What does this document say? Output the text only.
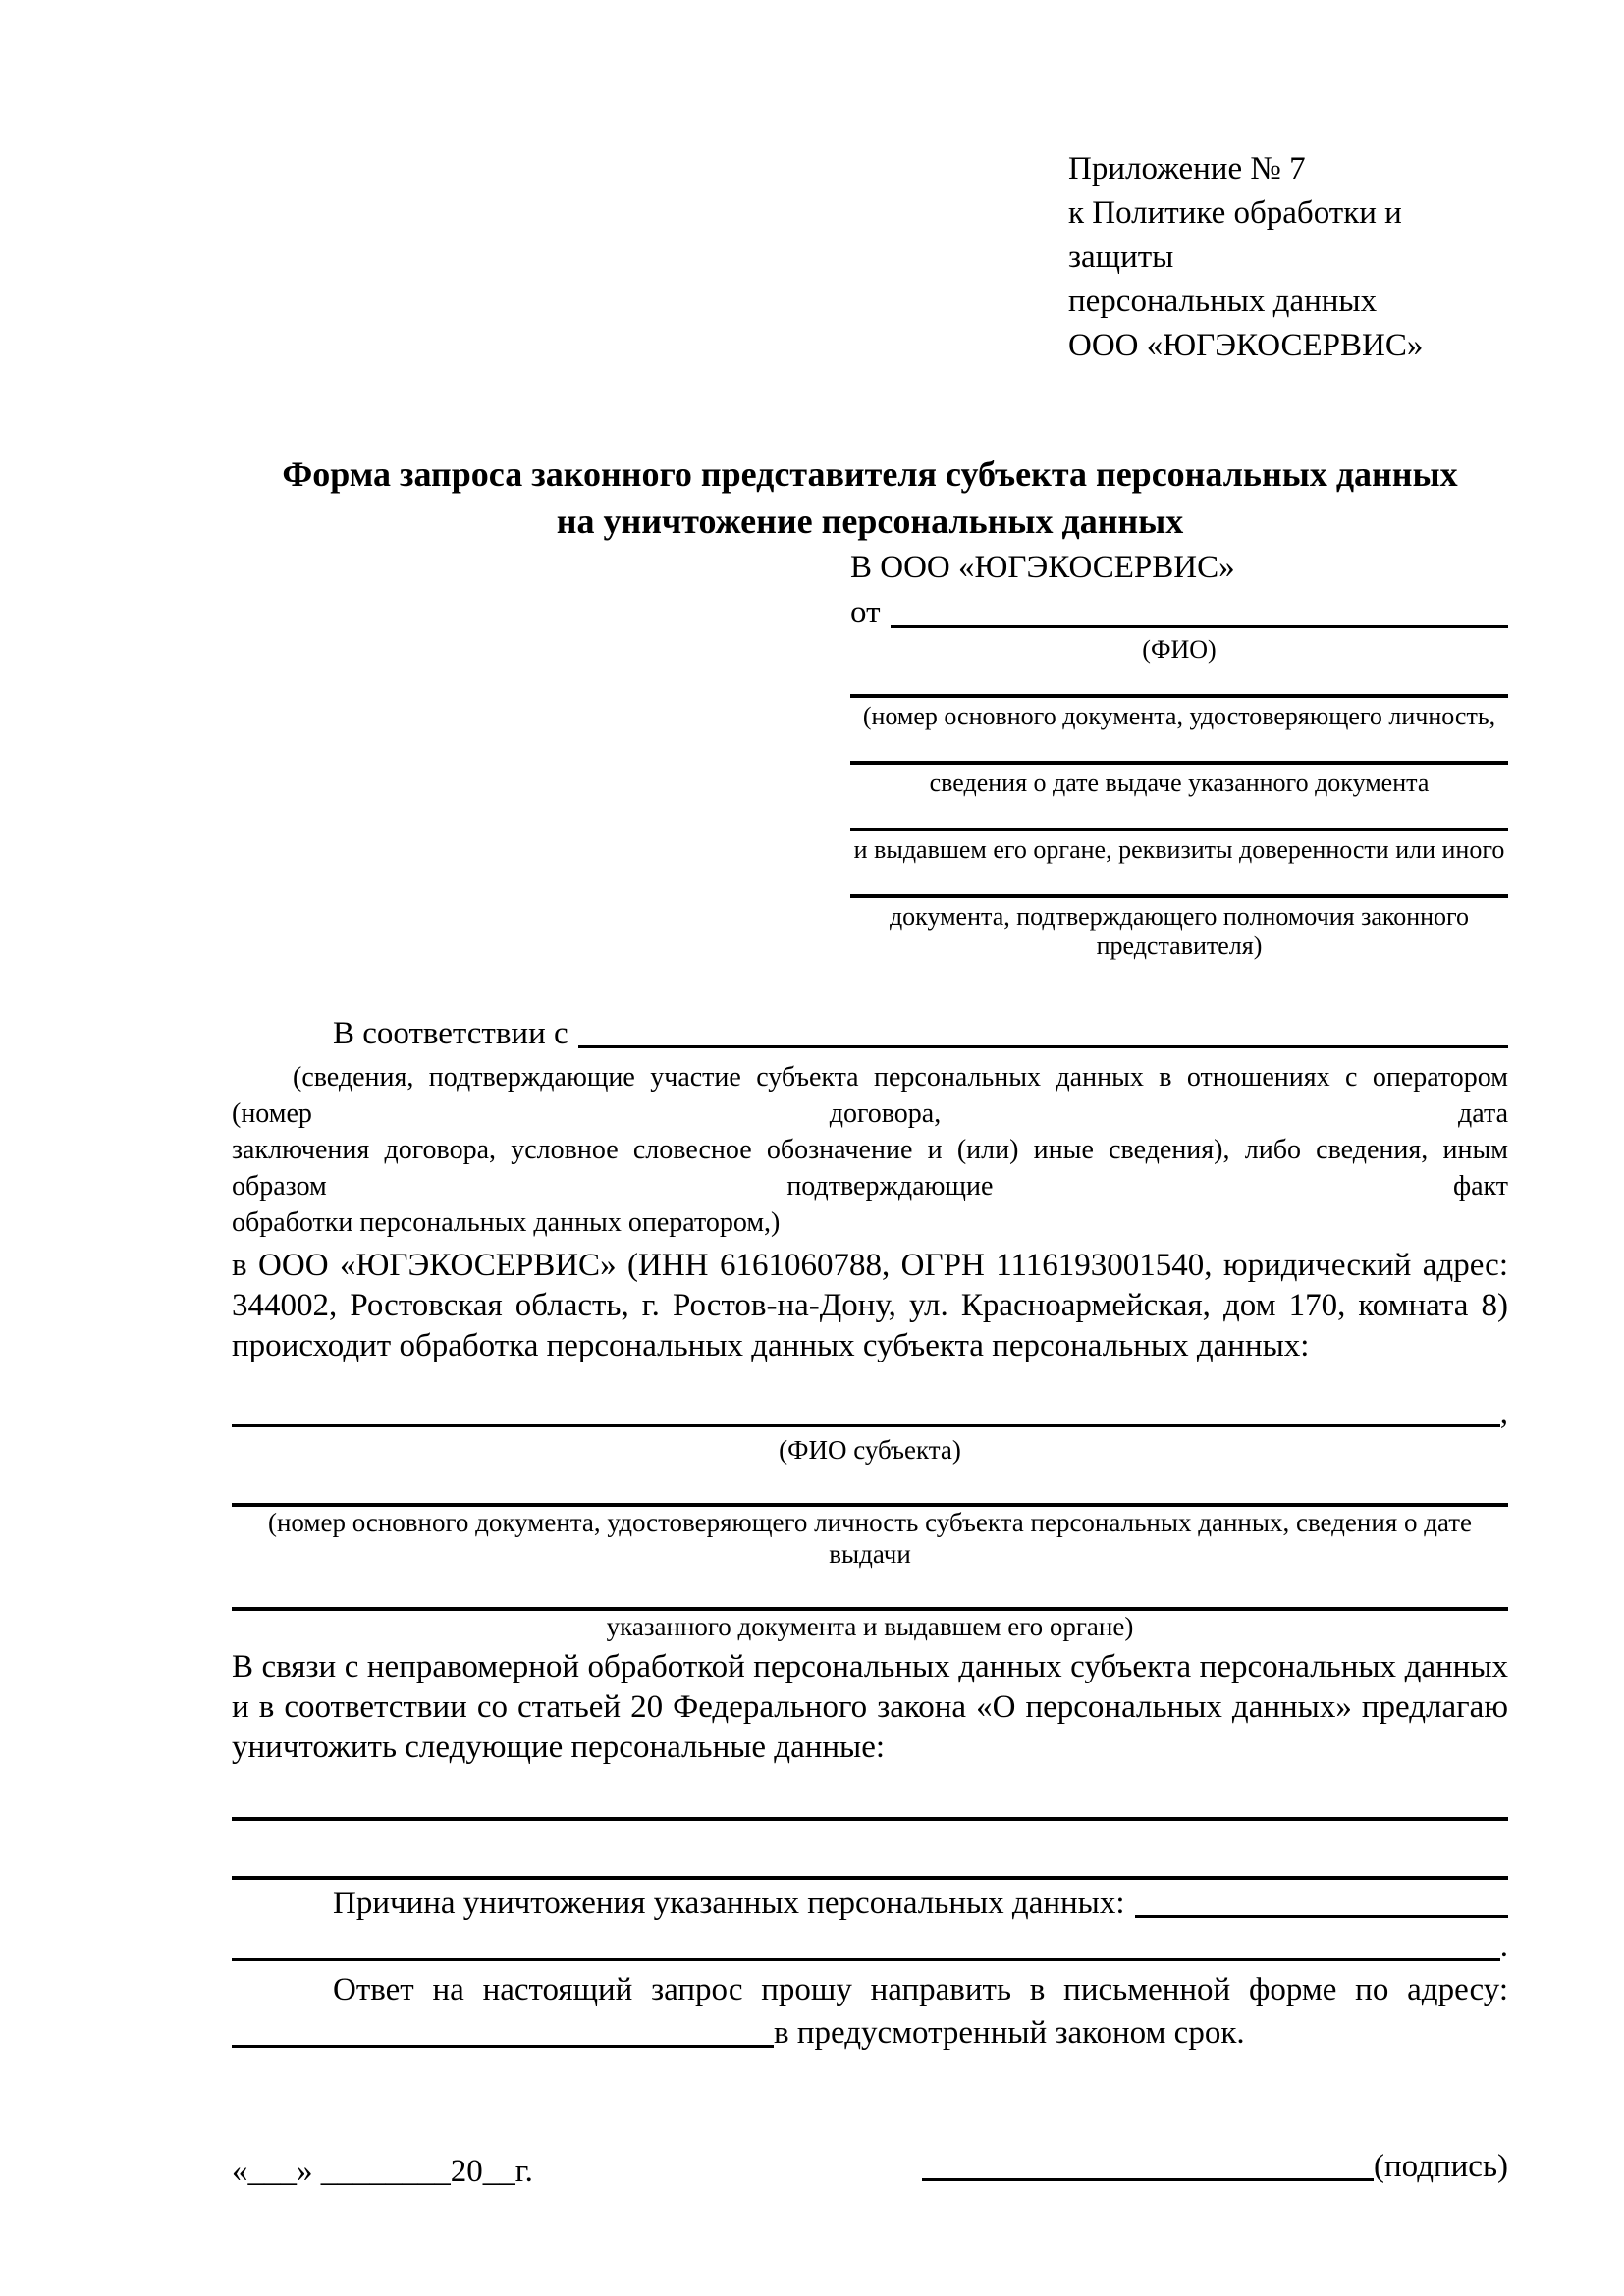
Приложение № 7
к Политике обработки и защиты
персональных данных
ООО «ЮГЭКОСЕРВИС»
Форма запроса законного представителя субъекта персональных данных
на уничтожение персональных данных
В ООО «ЮГЭКОСЕРВИС»
от
(ФИО)
(номер основного документа, удостоверяющего личность,
сведения о дате выдаче указанного документа
и выдавшем его органе, реквизиты доверенности или иного
документа, подтверждающего полномочия законного представителя)
В соответствии с
(сведения, подтверждающие участие субъекта персональных данных в отношениях с оператором (номер договора, дата
заключения договора, условное словесное обозначение и (или) иные сведения), либо сведения, иным образом подтверждающие факт
обработки персональных данных оператором,)
в ООО «ЮГЭКОСЕРВИС» (ИНН 6161060788, ОГРН 1116193001540, юридический адрес:
344002, Ростовская область, г. Ростов-на-Дону, ул. Красноармейская, дом 170, комната 8)
происходит обработка персональных данных субъекта персональных данных:
,
(ФИО субъекта)
(номер основного документа, удостоверяющего личность субъекта персональных данных, сведения о дате выдачи
указанного документа и выдавшем его органе)
В связи с неправомерной обработкой персональных данных субъекта персональных данных
и в соответствии со статьей 20 Федерального закона «О персональных данных» предлагаю
уничтожить следующие персональные данные:
Причина уничтожения указанных персональных данных:
.
Ответ на настоящий запрос прошу направить в письменной форме по адресу:
в предусмотренный законом срок.
«___» ________20__г.	(подпись)
